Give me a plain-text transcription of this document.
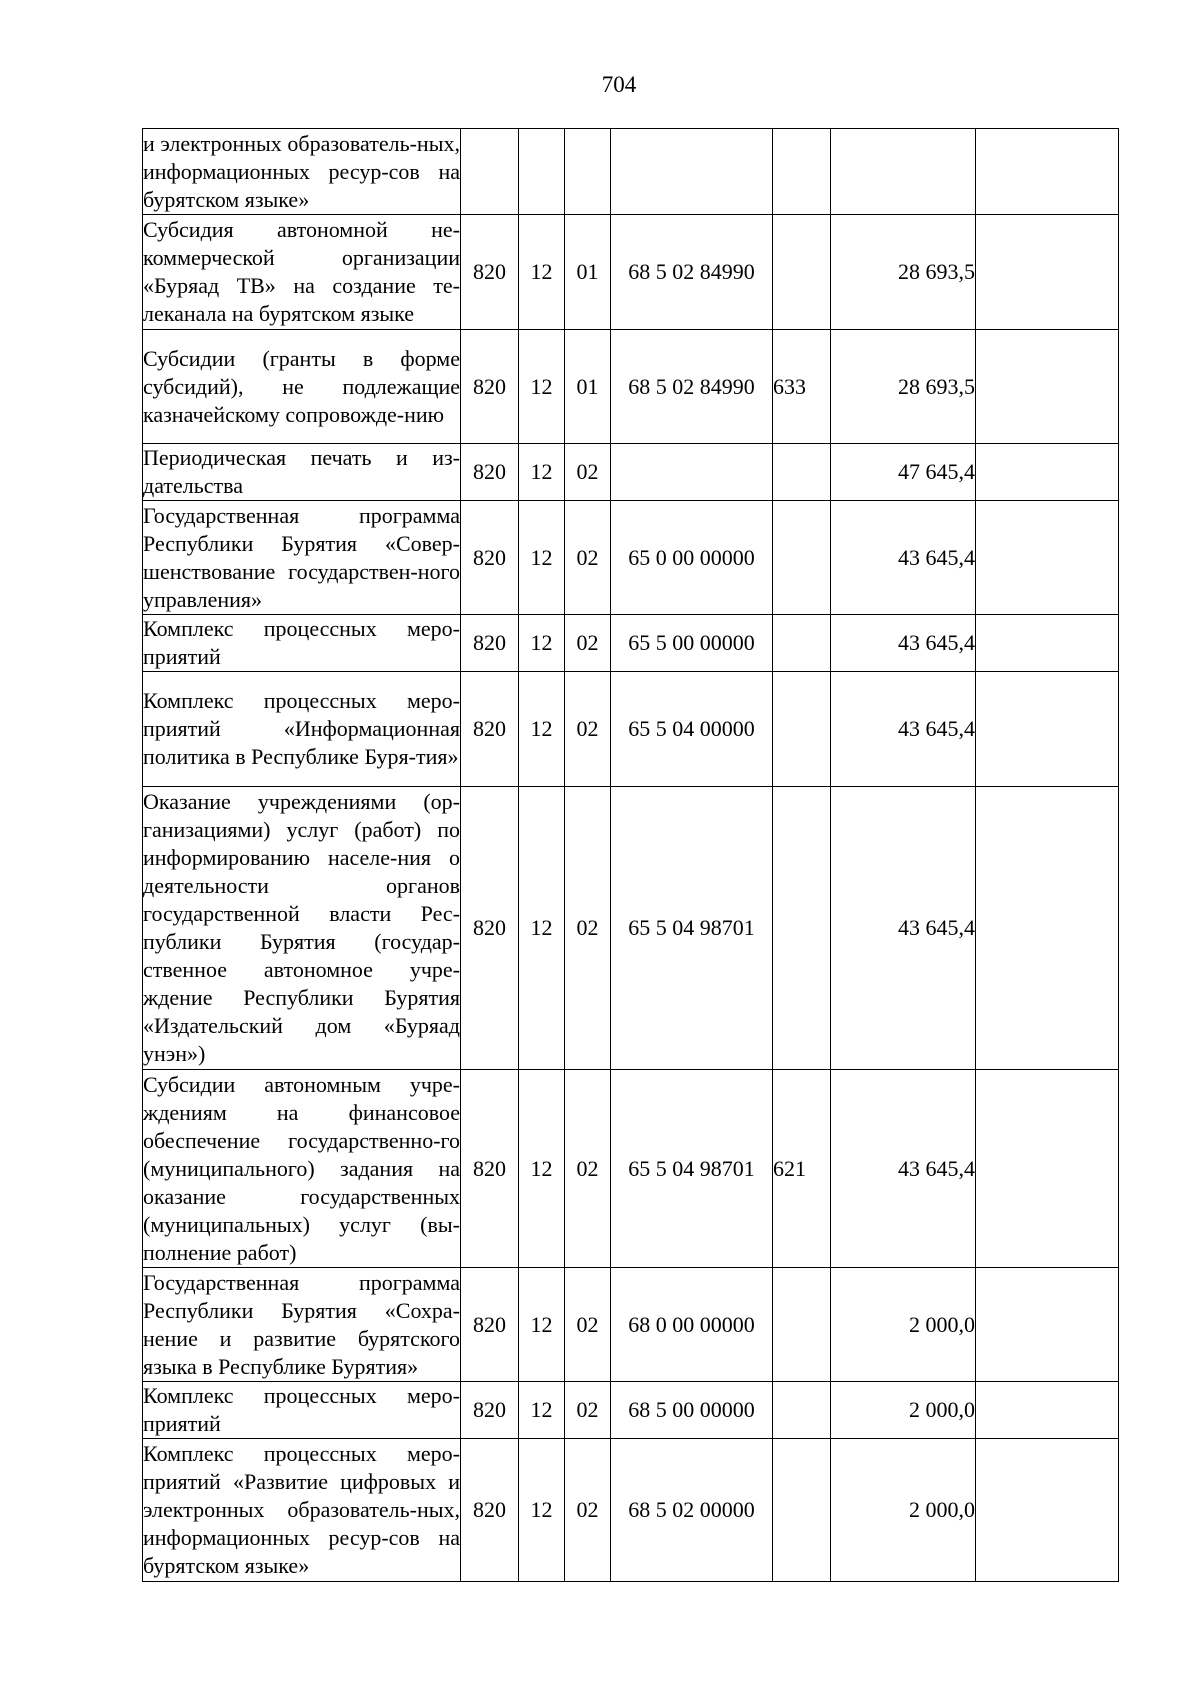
704
и электронных образователь-ных, информационных ресур-сов на бурятском языке»							
Субсидия автономной не-коммерческой организации «Буряад ТВ» на создание те-леканала на бурятском языке	820	12	01	68 5 02 84990		28 693,5	
Субсидии (гранты в форме субсидий), не подлежащие казначейскому сопровожде-нию	820	12	01	68 5 02 84990	633	28 693,5	
Периодическая печать и из-дательства	820	12	02			47 645,4	
Государственная программа Республики Бурятия «Совер-шенствование государствен-ного управления»	820	12	02	65 0 00 00000		43 645,4	
Комплекс процессных меро-приятий	820	12	02	65 5 00 00000		43 645,4	
Комплекс процессных меро-приятий «Информационная политика в Республике Буря-тия»	820	12	02	65 5 04 00000		43 645,4	
Оказание учреждениями (ор-ганизациями) услуг (работ) по информированию населе-ния о деятельности органов государственной власти Рес-публики Бурятия (государ-ственное автономное учре-ждение Республики Бурятия «Издательский дом «Буряад унэн»)	820	12	02	65 5 04 98701		43 645,4	
Субсидии автономным учре-ждениям на финансовое обеспечение государственно-го (муниципального) задания на оказание государственных (муниципальных) услуг (вы-полнение работ)	820	12	02	65 5 04 98701	621	43 645,4	
Государственная программа Республики Бурятия «Сохра-нение и развитие бурятского языка в Республике Бурятия»	820	12	02	68 0 00 00000		2 000,0	
Комплекс процессных меро-приятий	820	12	02	68 5 00 00000		2 000,0	
Комплекс процессных меро-приятий «Развитие цифровых и электронных образователь-ных, информационных ресур-сов на бурятском языке»	820	12	02	68 5 02 00000		2 000,0	
